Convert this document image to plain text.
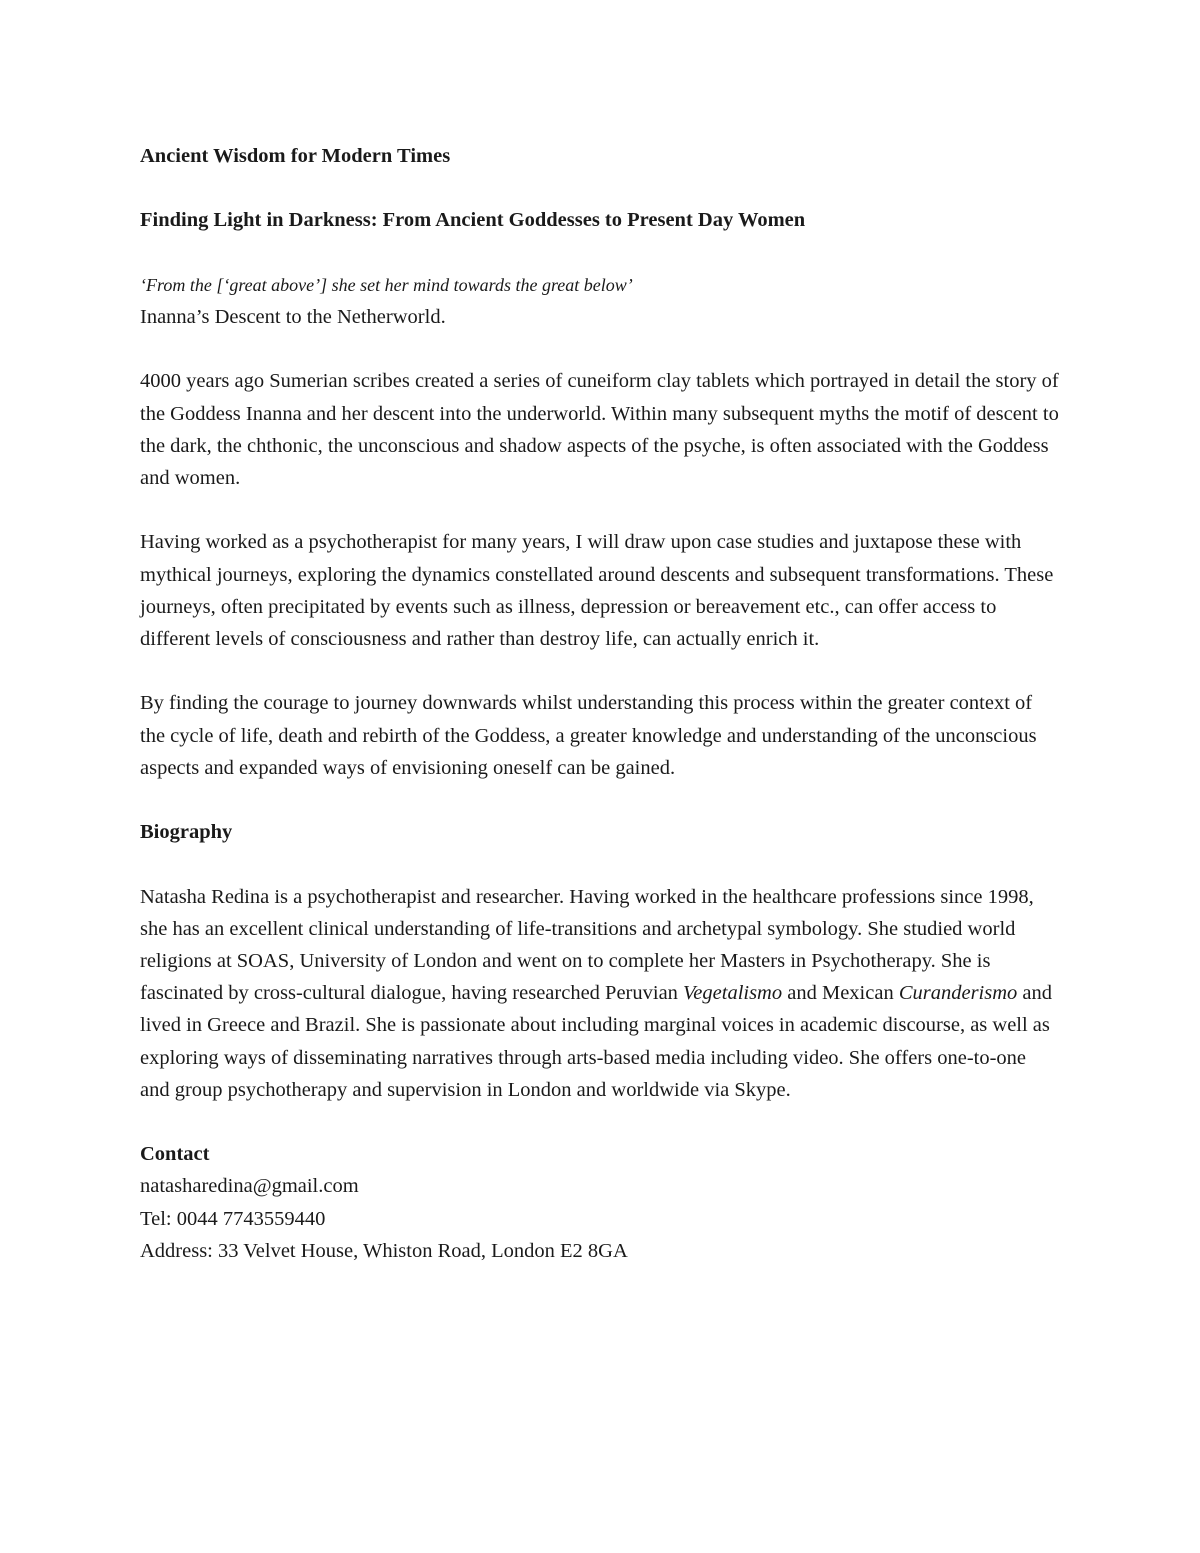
Ancient Wisdom for Modern Times

Finding Light in Darkness: From Ancient Goddesses to Present Day Women

‘From the [‘great above’] she set her mind towards the great below’

Inanna’s Descent to the Netherworld.

4000 years ago Sumerian scribes created a series of cuneiform clay tablets which portrayed in detail the story of the Goddess Inanna and her descent into the underworld. Within many subsequent myths the motif of descent to the dark, the chthonic, the unconscious and shadow aspects of the psyche, is often associated with the Goddess and women.

Having worked as a psychotherapist for many years, I will draw upon case studies and juxtapose these with mythical journeys, exploring the dynamics constellated around descents and subsequent transformations. These journeys, often precipitated by events such as illness, depression or bereavement etc., can offer access to different levels of consciousness and rather than destroy life, can actually enrich it.

By finding the courage to journey downwards whilst understanding this process within the greater context of the cycle of life, death and rebirth of the Goddess, a greater knowledge and understanding of the unconscious aspects and expanded ways of envisioning oneself can be gained.

Biography

Natasha Redina is a psychotherapist and researcher. Having worked in the healthcare professions since 1998, she has an excellent clinical understanding of life-transitions and archetypal symbology. She studied world religions at SOAS, University of London and went on to complete her Masters in Psychotherapy. She is fascinated by cross-cultural dialogue, having researched Peruvian Vegetalismo and Mexican Curanderismo and lived in Greece and Brazil. She is passionate about including marginal voices in academic discourse, as well as exploring ways of disseminating narratives through arts-based media including video. She offers one-to-one and group psychotherapy and supervision in London and worldwide via Skype.

Contact

natasharedina@gmail.com

Tel: 0044 7743559440

Address: 33 Velvet House, Whiston Road, London E2 8GA
